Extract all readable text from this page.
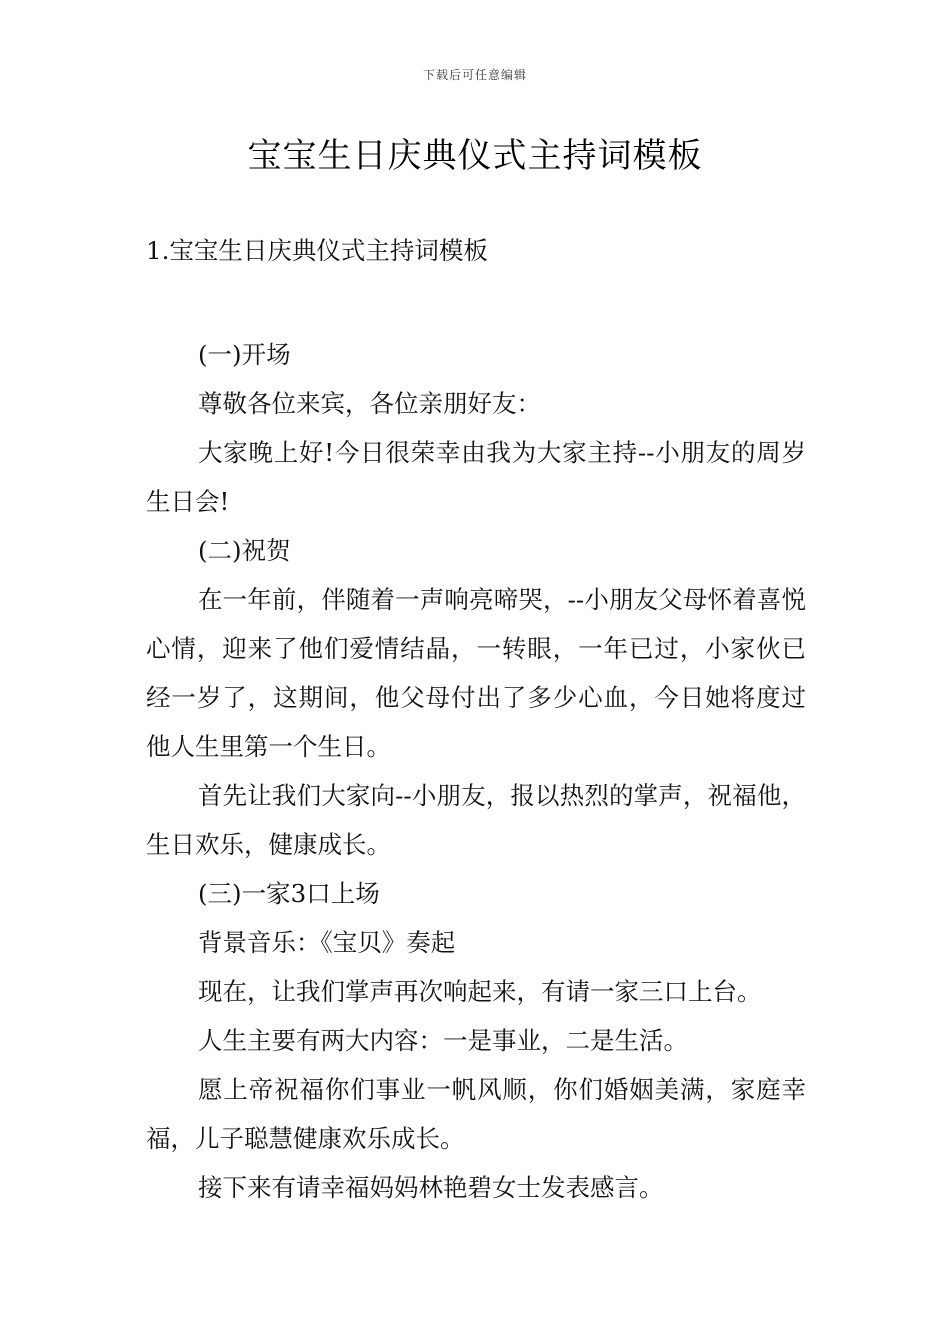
下载后可任意编辑
宝宝生日庆典仪式主持词模板

1.宝宝生日庆典仪式主持词模板

(一)开场

尊敬各位来宾，各位亲朋好友：

大家晚上好!今日很荣幸由我为大家主持--小朋友的周岁生日会!

(二)祝贺

在一年前，伴随着一声响亮啼哭，--小朋友父母怀着喜悦心情，迎来了他们爱情结晶，一转眼，一年已过，小家伙已经一岁了，这期间，他父母付出了多少心血，今日她将度过他人生里第一个生日。

首先让我们大家向--小朋友，报以热烈的掌声，祝福他，生日欢乐，健康成长。

(三)一家3口上场

背景音乐：《宝贝》奏起

现在，让我们掌声再次响起来，有请一家三口上台。

人生主要有两大内容：一是事业，二是生活。

愿上帝祝福你们事业一帆风顺，你们婚姻美满，家庭幸福，儿子聪慧健康欢乐成长。

接下来有请幸福妈妈林艳碧女士发表感言。
